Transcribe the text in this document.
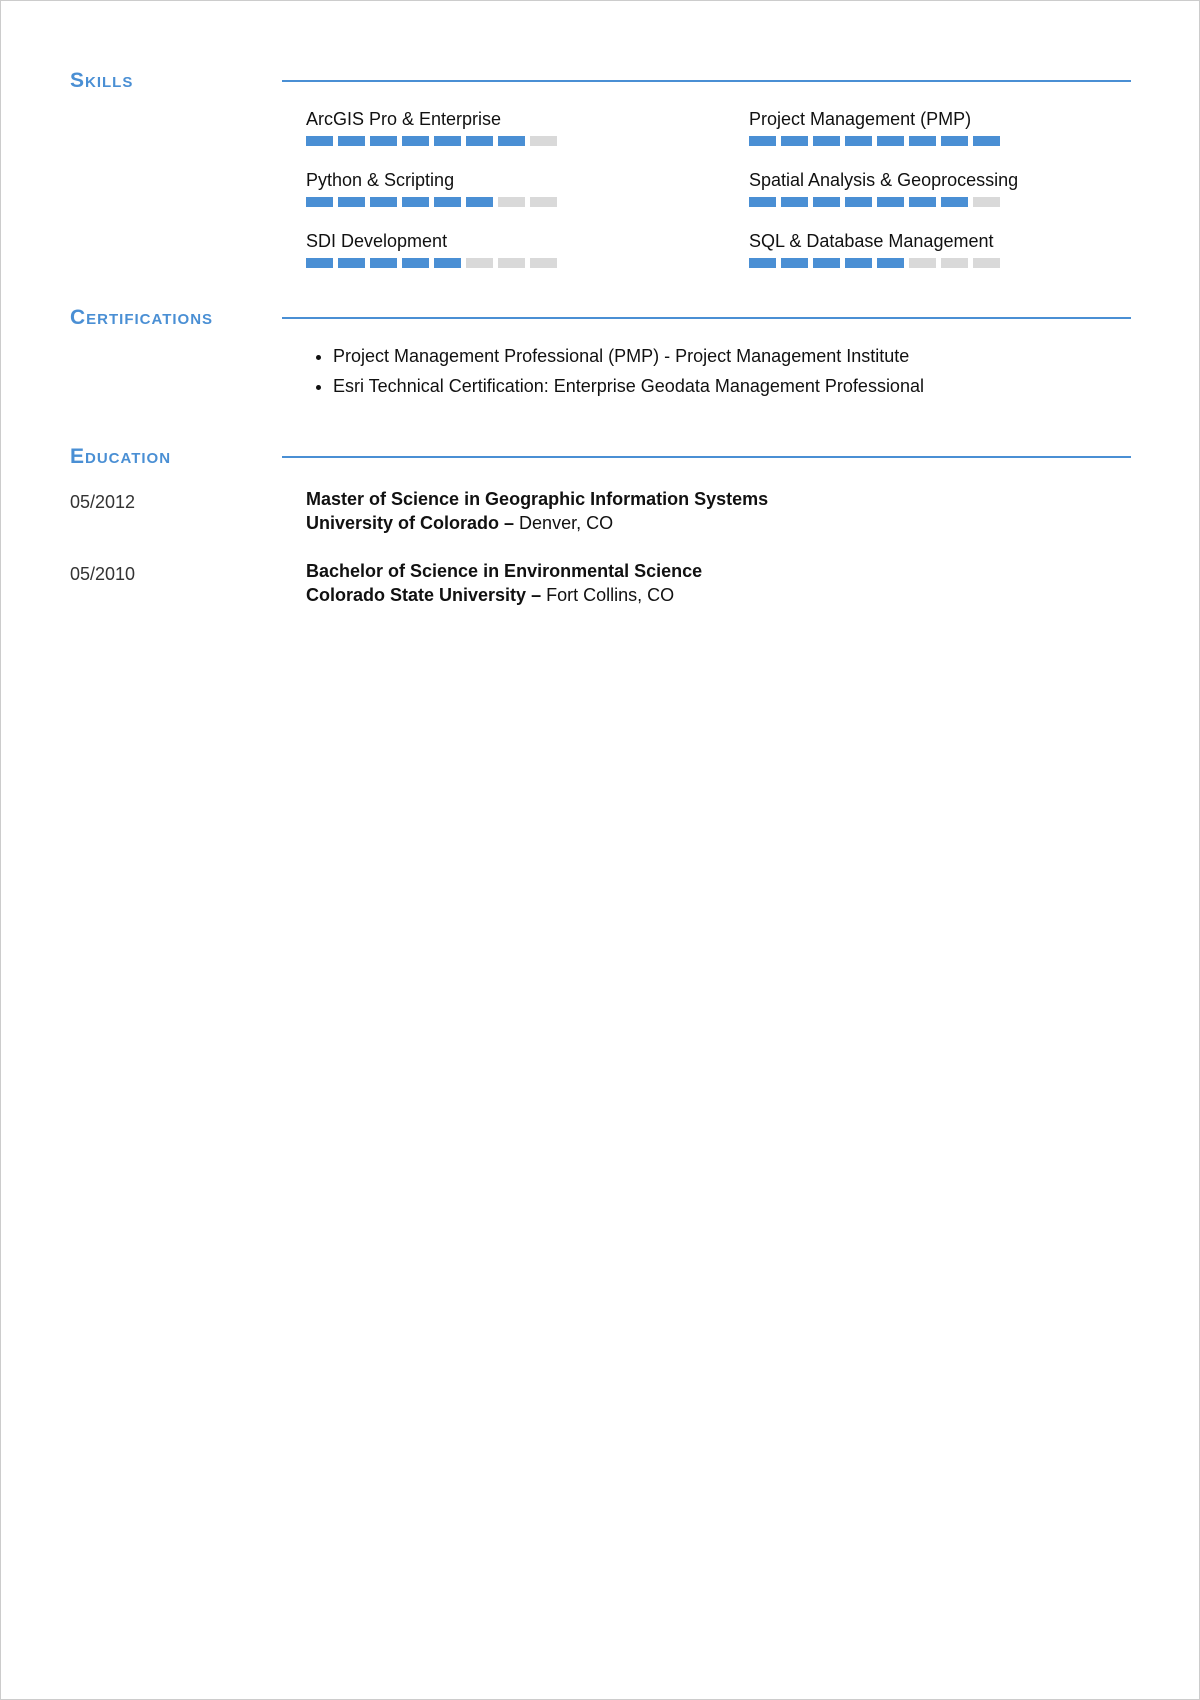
Skills
ArcGIS Pro & Enterprise	Project Management (PMP)
Python & Scripting	Spatial Analysis & Geoprocessing
SDI Development	SQL & Database Management
Certifications
• Project Management Professional (PMP) - Project Management Institute
• Esri Technical Certification: Enterprise Geodata Management Professional
Education
05/2012	Master of Science in Geographic Information Systems
University of Colorado – Denver, CO
05/2010	Bachelor of Science in Environmental Science
Colorado State University – Fort Collins, CO
